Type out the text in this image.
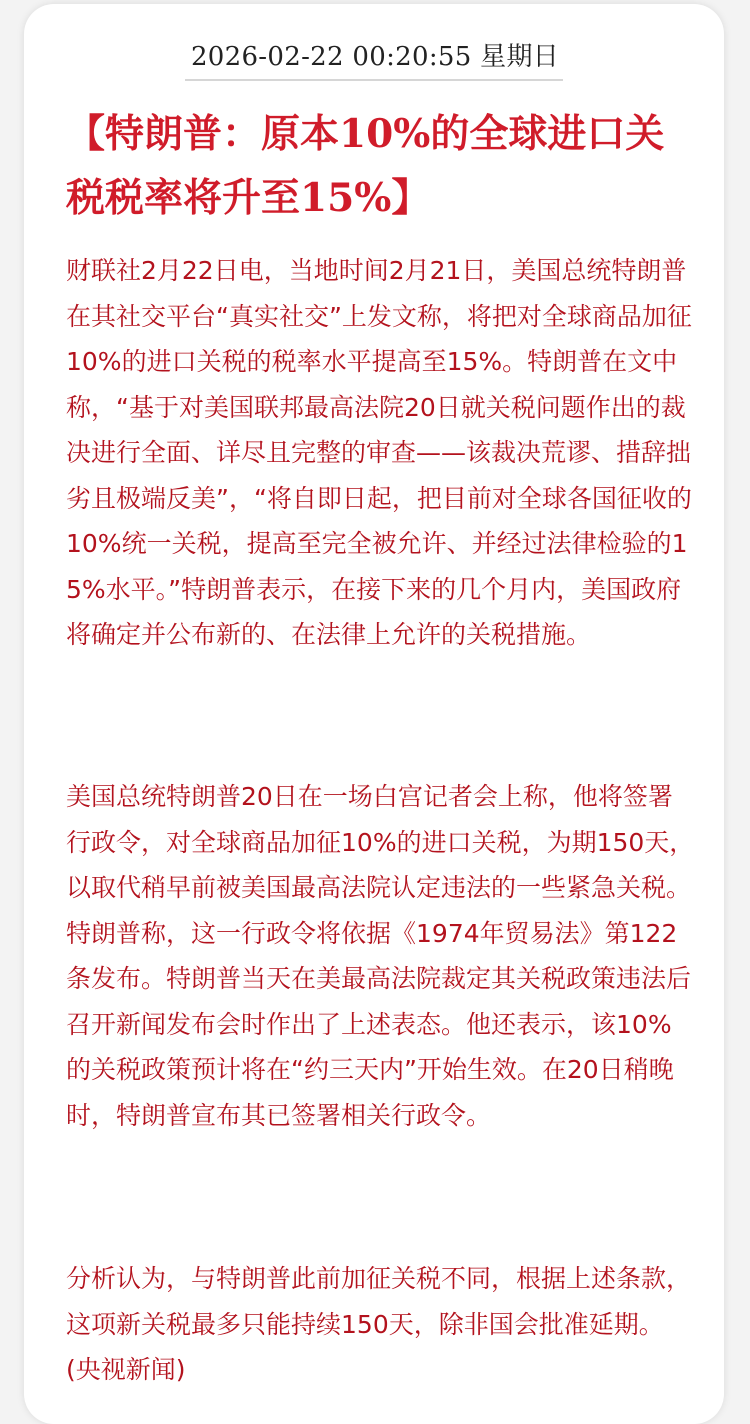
2026-02-22 00:20:55 星期日
【特朗普：原本10%的全球进口关
税税率将升至15%】

财联社2月22日电，当地时间2月21日，美国总统特朗普在其社交平台“真实社交”上发文称，将把对全球商品加征10%的进口关税的税率水平提高至15%。特朗普在文中称，“基于对美国联邦最高法院20日就关税问题作出的裁决进行全面、详尽且完整的审查——该裁决荒谬、措辞拙劣且极端反美”，“将自即日起，把目前对全球各国征收的10%统一关税，提高至完全被允许、并经过法律检验的15%水平。”特朗普表示，在接下来的几个月内，美国政府将确定并公布新的、在法律上允许的关税措施。

美国总统特朗普20日在一场白宫记者会上称，他将签署行政令，对全球商品加征10%的进口关税，为期150天，以取代稍早前被美国最高法院认定违法的一些紧急关税。特朗普称，这一行政令将依据《1974年贸易法》第122条发布。特朗普当天在美最高法院裁定其关税政策违法后召开新闻发布会时作出了上述表态。他还表示，该10%的关税政策预计将在“约三天内”开始生效。在20日稍晚时，特朗普宣布其已签署相关行政令。

分析认为，与特朗普此前加征关税不同，根据上述条款，这项新关税最多只能持续150天，除非国会批准延期。 (央视新闻)
